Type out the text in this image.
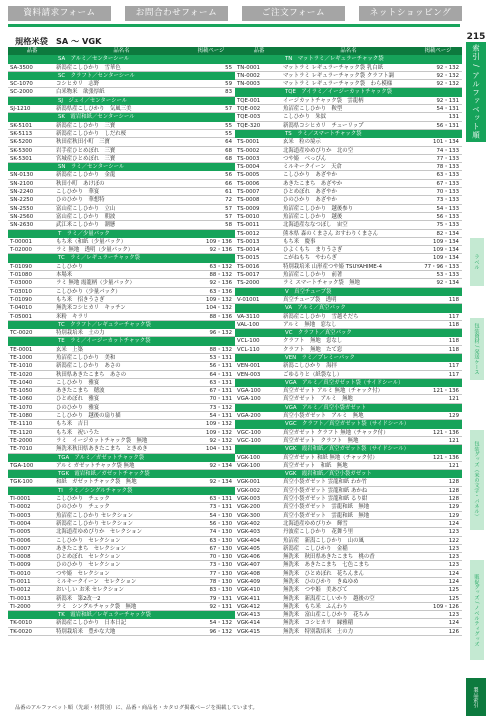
資料請求フォーム	お問合わせフォーム	ご注文フォーム	ネットショッピング
規格米袋　SA ～ VGK
品番	品名名	掲載ページ
SA　アルミ／センターシール
SA-3500	新潟産こしひかり　雪華色	55
SC　クラフト／センターシール
SC-1070	コシヒカリ　志野	59
SC-2000	白米物米　欲張厚紙	83
SJ　ジェイ／センターシール
SJ-1210	新潟県産こしひかり　気風三美	57
SK　霞岩和紙／センターシール
SK-5101	新潟産こしひかり　三寶	55
SK-5113	新潟産こしひかり　しだれ桜	55
SK-5200	秋田産秋田小町　三寶	64
SK-5300	岩手産ひとめぼれ　三寶	68
SK-5301	宮城産ひとめぼれ　三寶	68
SN　ラミ／センターシール
SN-0130	新潟産こしひかり　金龍	56
SN-2100	秋田小町　あけぼの	66
SN-2240	こしひかり　華宴	61
SN-2250	ひのひかり　華想特	72
SN-2550	富山産こしひかり　立山	57
SN-2560	富山産こしひかり　朝波	57
SN-2630	武江米こしひかり　潮懸	58
T　ラミ／少量パック
T-00001	もち米（和紙（少量パック）	109・136
T-02000	ラミ 無地　透明（少量パック）	92・136
TC　ラミ／レギュラーチャック袋
T-01090	こしひかり	63・132
T-01080	本場米	88・132
T-03000	ラミ 無地 霞龍柄（少量パック）	92・136
T-03010	こしひかり（少量パック）	63・136
T-01090	もち米　招きうさぎ	109・132
T-04010	無洗米コシヒカリ　キッチン	104・132
T-05001	米粉　キラリ	88・136
TC　クラフト／レギュラーチャック袋
TC-0020	特別栽培米　土の力	96・132
TE　ラミ／イージーカットチャック袋
TE-0001	玄米　上築	88・132
TE-1000	魚沼産こしひかり　美和	53・131
TE-1010	新潟産こしひかり　あさの	56・131
TE-1020	秋田県あきたこまち　あさの	64・131
TE-1040	こしひかり　雅宴	63・131
TE-1050	あきたこまち　穂波	67・131
TE-1060	ひとめぼれ　雅宴	70・131
TE-1070	ひのひかり　雅宴	73・132
TE-1080	こしひかり　越後の扇り描	54・131
TE-1110	もち米　吉日	109・132
TE-1120	もち米　祝いうた	109・132
TE-2000	ラミ　イージカットチャック袋　無地	92・132
TE-7010	無洗米秋田県あきたこまち　ときめき	104・131
TGA　アルミ／ガゼットチャック袋
TGA-100	アルミ ガゼットチャック袋 無地	92・134
TGK　霞岩和紙／ガゼットチャック袋
TGK-100	和紙　ガゼットチャック袋　無地	92・134
TI　ラミ／シングルチャック袋
TI-0001	こしひかり　チェック	63・131
TI-0002	ひのひかり　チェック	73・131
TI-0003	魚沼産こしひかり セレクション	54・130
TI-0004	新潟産こしひかり セレクション	56・130
TI-0005	北海道産ゆめぴりか　セレクション	74・130
TI-0006	こしひかり　セレクション	63・130
TI-0007	あきたこまち　セレクション	67・130
TI-0008	ひとめぼれ　セレクション	70・130
TI-0009	ひのひかり　セレクション	73・130
TI-0010	つや姫　セレクション	77・130
TI-0011	ミルキークイーン　セレクション	78・130
TI-0012	おいしい お米 セレクション	83・130
TI-0013	新潟米　第2改一2	79・131
TI-2000	ラミ　シングルチャック袋　無地	92・131
TK　霞岩和紙／レギュラーチャック袋
TK-0010	新潟産こしひかり　日本日記	54・132
TK-0020	特別栽培米　豊かな大地	96・132
品番	品名名	掲載ページ
TN　マットラミ／レギュラーチャック袋
TN-0001	マットラミ レギュラーチャック袋 乳白紙	92・132
TN-0002	マットラミ レギュラーチャック袋 クラフト調	92・132
TN-0003	マットラミ レギュラーチャック袋　わら模様	92・132
TQE　アイラミ／イージーカットチャック袋
TQE-001	イージカットチャック袋　雲龍柄	92・131
TQE-002	魚沼産こしひかり　鞍型	54・131
TQE-003	こしひかり　朱紋	131
TQE-320	新潟県コシヒカリ　チューリップ	56・131
TS　ラミ／スマートチャック袋
TS-0001	玄米　粒の境示	101・134
TS-0002	北海道産ゆめぴりか　北の空	74・133
TS-0003	つや姫　べっぴん	77・133
TS-0004	ミルキークイーン　天倉	78・133
TS-0005	こしひかり　あざやか	63・133
TS-0006	あきたこまち　あざやか	67・133
TS-0007	ひとめぼれ　あざやか	70・133
TS-0008	ひのひかり　あざやか	73・133
TS-0009	魚沼産こしひかり　越後参り	54・133
TS-0010	魚沼産こしひかり　越後	56・133
TS-0011	北海道産ななつぼし　宙空	75・133
TS-0012	熊本県 森のくまさん おすわりくまさん	82・134
TS-0013	もち米　慶事	109・134
TS-0014	ひよくもち　まりうさぎ	109・134
TS-0015	こがねもち　やわらぎ	109・134
TS-0016	特別栽培米 山形産つや姫 TSUYAHIME-4	77・96・133
TS-0017	魚沼産こしひかり　前著	53・133
TS-2000	ラミ スマートチャック袋　無地	92・134
V　真空チューブ袋
V-01001	真空チューブ袋　透明	118
VA　アルミ／真空パック
VA-3110	新潟産こしひかり　雪越そだち	117
VAL-100	アルミ　無地　窓なし	118
VC　クラフト／真空パック
VCL-100	クラフト　無地　窓なし	118
VCL-110	クラフト　無地　たて窓	118
VEN　ラミ／プレミーパック
VEN-001	新潟こしひかり　海拝	117
VEN-003	ごゆるりと（紙袋なし）	117
VGA　アルミ／真空ガゼット袋（サイドシール）
VGA-100	真空ガゼット アルミ 無地（チャック付）	121・136
VGA-100	真空ガゼット　アルミ　無地	121
VGA　アルミ／真空小袋ガゼット
VGA-200	真空小袋ガゼット　アルミ　無地	129
VGC　クラフト／真空ガゼット袋（サイドシール）
VGC-100	真空ガゼット クラフト 無地（チャック付）	121・136
VGC-100	真空ガゼット　クラフト　無地	121
VGK　霞岩和紙／真空ガゼット袋（サイドシール）
VGK-100	真空ガゼット 和紙 無地（チャック付）	121・136
VGK-100	真空ガゼット　和紙　無地	121
VGK　霞岩和紙／真空小袋ガゼット
VGK-001	真空小袋ガゼット 雲龍和紙 わか竹	128
VGK-002	真空小袋ガゼット 雲龍和紙 あかね	128
VGK-003	真空小袋ガゼット 雲龍和紙 るり紺	128
VGK-200	真空小袋ガゼット　雲龍和紙　無地	129
VGK-300	真空小袋ガゼット　雲龍和紙　無地	129
VGK-402	北海道産ゆめぴりか　輝雪	124
VGK-403	丹波産こしひかり　花舞う里	123
VGK-404	魚沼産　新潟こしひかり　山の風	122
VGK-405	新潟産　こしひかり　金稲	123
VGK-406	無洗米　秋田県あきたこまち　桃の香	123
VGK-407	無洗米　あきたこまち　七色こまち	123
VGK-408	無洗米　ひとめぼれ　花ちんまん	124
VGK-409	無洗米　ひのひかり　きぬゆめ	124
VGK-410	無洗米　つや姫　美あびて	125
VGK-411	無洗米　新潟産こしいかり　越後の空	125
VGK-412	無洗米　もち米　ふんわり	109・126
VGK-413	無洗米　富山産こしひかり　花ちみ	123
VGK-414	無洗米　コシヒカリ　縁雅稲	124
VGK-415	無洗米　特別栽培米　土の力	126
215
索引 / アルファベット順
ラベル
包装資材 / 発送ケース
包装グッズ（米の文字・パネル）
販促グッズ / ノベルティグッズ
製品索引
品番のアルファベット順（先頭・材質別）に、品番・商品名・カタログ掲載ページを掲載しています。
